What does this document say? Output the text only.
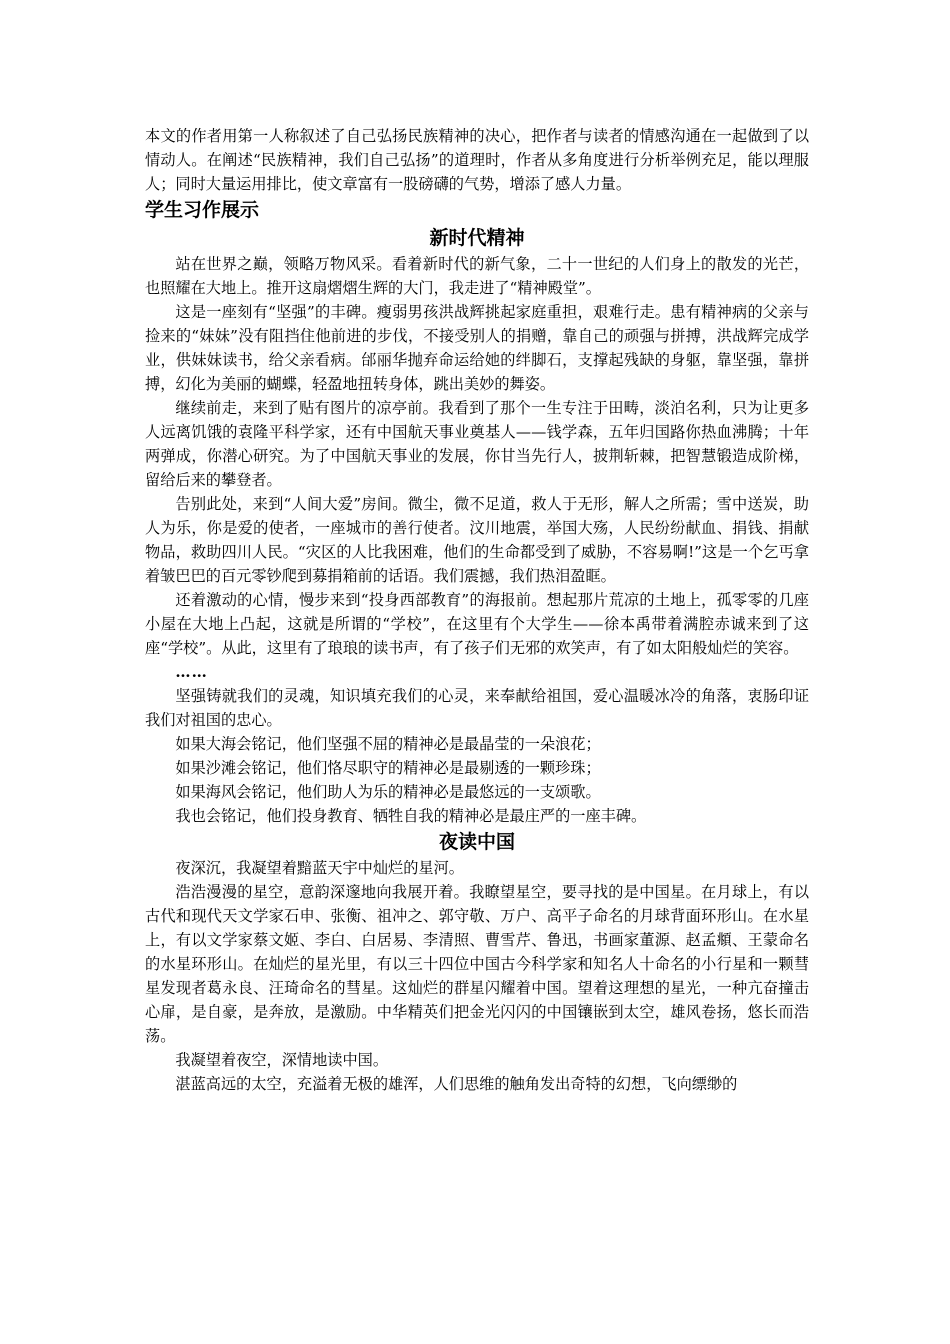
本文的作者用第一人称叙述了自己弘扬民族精神的决心，把作者与读者的情感沟通在一起做到了以情动人。在阐述“民族精神，我们自己弘扬”的道理时，作者从多角度进行分析举例充足，能以理服人；同时大量运用排比，使文章富有一股磅礴的气势，增添了感人力量。

学生习作展示
新时代精神

站在世界之巅，领略万物风采。看着新时代的新气象，二十一世纪的人们身上的散发的光芒，也照耀在大地上。推开这扇熠熠生辉的大门，我走进了“精神殿堂”。

这是一座刻有“坚强”的丰碑。瘦弱男孩洪战辉挑起家庭重担，艰难行走。患有精神病的父亲与捡来的“妹妹”没有阻挡住他前进的步伐，不接受别人的捐赠，靠自己的顽强与拼搏，洪战辉完成学业，供妹妹读书，给父亲看病。邰丽华抛弃命运给她的绊脚石，支撑起残缺的身躯，靠坚强，靠拼搏，幻化为美丽的蝴蝶，轻盈地扭转身体，跳出美妙的舞姿。

继续前走，来到了贴有图片的凉亭前。我看到了那个一生专注于田畴，淡泊名利，只为让更多人远离饥饿的袁隆平科学家，还有中国航天事业奠基人——钱学森，五年归国路你热血沸腾；十年两弹成，你潜心研究。为了中国航天事业的发展，你甘当先行人，披荆斩棘，把智慧锻造成阶梯，留给后来的攀登者。

告别此处，来到“人间大爱”房间。微尘，微不足道，救人于无形，解人之所需；雪中送炭，助人为乐，你是爱的使者，一座城市的善行使者。汶川地震，举国大殇，人民纷纷献血、捐钱、捐献物品，救助四川人民。“灾区的人比我困难，他们的生命都受到了威胁，不容易啊!”这是一个乞丐拿着皱巴巴的百元零钞爬到募捐箱前的话语。我们震撼，我们热泪盈眶。

还着激动的心情，慢步来到“投身西部教育”的海报前。想起那片荒凉的土地上，孤零零的几座小屋在大地上凸起，这就是所谓的“学校”，在这里有个大学生——徐本禹带着满腔赤诚来到了这座“学校”。从此，这里有了琅琅的读书声，有了孩子们无邪的欢笑声，有了如太阳般灿烂的笑容。

……

坚强铸就我们的灵魂，知识填充我们的心灵，来奉献给祖国，爱心温暖冰冷的角落，衷肠印证我们对祖国的忠心。

如果大海会铭记，他们坚强不屈的精神必是最晶莹的一朵浪花；

如果沙滩会铭记，他们恪尽职守的精神必是最剔透的一颗珍珠；

如果海风会铭记，他们助人为乐的精神必是最悠远的一支颂歌。

我也会铭记，他们投身教育、牺牲自我的精神必是最庄严的一座丰碑。

夜读中国

夜深沉，我凝望着黯蓝天宇中灿烂的星河。

浩浩漫漫的星空，意韵深邃地向我展开着。我瞭望星空，要寻找的是中国星。在月球上，有以古代和现代天文学家石申、张衡、祖冲之、郭守敬、万户、高平子命名的月球背面环形山。在水星上，有以文学家蔡文姬、李白、白居易、李清照、曹雪芹、鲁迅，书画家董源、赵孟頫、王蒙命名的水星环形山。在灿烂的星光里，有以三十四位中国古今科学家和知名人十命名的小行星和一颗彗星发现者葛永良、汪琦命名的彗星。这灿烂的群星闪耀着中国。望着这理想的星光，一种亢奋撞击心扉，是自豪，是奔放，是激励。中华精英们把金光闪闪的中国镶嵌到太空，雄风卷扬，悠长而浩荡。

我凝望着夜空，深情地读中国。

湛蓝高远的太空，充溢着无极的雄浑，人们思维的触角发出奇特的幻想，飞向缥缈的
